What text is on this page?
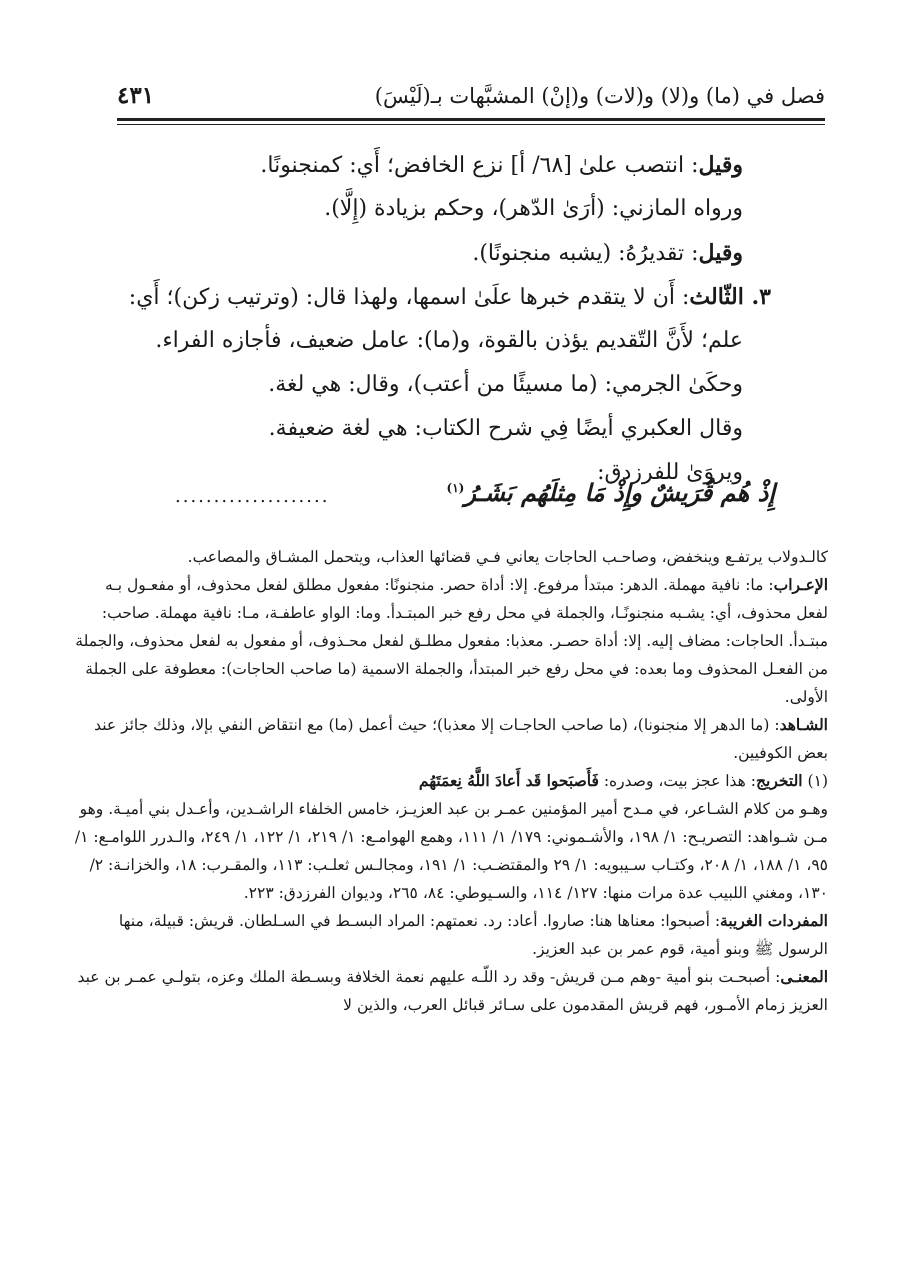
فصل في (ما) و(لا) و(لات) و(إنْ) المشبَّهات بـ(لَيْسَ)
٤٣١
وقيل: انتصب علىٰ [٦٨/ أ] نزع الخافض؛ أَي: كمنجنونًا.
ورواه المازني: (أرَىٰ الدّهر)، وحكم بزيادة (إِلَّا).
وقيل: تقديرُهُ: (يشبه منجنونًا).
٣. الثّالث: أَن لا يتقدم خبرها علَىٰ اسمها، ولهذا قال: (وترتيب زكن)؛ أَي:
علم؛ لأَنَّ التّقديم يؤذن بالقوة، و(ما): عامل ضعيف، فأجازه الفراء.
وحكَىٰ الجرمي: (ما مسيئًا من أعتب)، وقال: هي لغة.
وقال العكبري أيضًا فِي شرح الكتاب: هي لغة ضعيفة.
ويروَىٰ للفرزدق:
إِذْ هُم قُرَيشٌ وإِذْ مَا مِثلَهُم بَشَـرُ$^{(١)}$
....................

كالـدولاب يرتفـع وينخفض، وصاحـب الحاجات يعاني فـي قضائها العذاب، ويتحمل المشـاق والمصاعب.

الإعـراب: ما: نافية مهملة. الدهر: مبتدأ مرفوع. إلا: أداة حصر. منجنونًا: مفعول مطلق لفعل محذوف، أو مفعـول بـه لفعل محذوف، أي: يشـبه منجنونًـا، والجملة في محل رفع خبر المبتـدأ. وما: الواو عاطفـة، مـا: نافية مهملة. صاحب: مبتـدأ. الحاجات: مضاف إليه. إلا: أداة حصـر. معذبا: مفعول مطلـق لفعل محـذوف، أو مفعول به لفعل محذوف، والجملة من الفعـل المحذوف وما بعده: في محل رفع خبر المبتدأ، والجملة الاسمية (ما صاحب الحاجات): معطوفة على الجملة الأولى.

الشـاهد: (ما الدهر إلا منجنونا)، (ما صاحب الحاجـات إلا معذبا)؛ حيث أعمل (ما) مع انتقاض النفي بإلا، وذلك جائز عند بعض الكوفيين.

(١) التخريج: هذا عجز بيت، وصدره: فَأَصبَحوا قَد أَعادَ اللَّهُ نِعمَتَهُم

وهـو من كلام الشـاعر، في مـدح أمير المؤمنين عمـر بن عبد العزيـز، خامس الخلفاء الراشـدين، وأعـدل بني أميـة. وهو مـن شـواهد: التصريـح: ١/ ١٩٨، والأشـموني: ١٧٩/ ١/ ١١١، وهمع الهوامـع: ١/ ٢١٩، ١/ ١٢٢، ١/ ٢٤٩، والـدرر اللوامـع: ١/ ٩٥، ١/ ١٨٨، ١/ ٢٠٨، وكتـاب سـيبويه: ١/ ٢٩ والمقتضـب: ١/ ١٩١، ومجالـس ثعلـب: ١١٣، والمقـرب: ١٨، والخزانـة: ٢/ ١٣٠، ومغني اللبيب عدة مرات منها: ١٢٧/ ١١٤، والسـيوطي: ٨٤، ٢٦٥، وديوان الفرزدق: ٢٢٣.

المفردات الغريبة: أصبحوا: معناها هنا: صاروا. أعاد: رد. نعمتهم: المراد البسـط في السـلطان. قريش: قبيلة، منها الرسول ﷺ وبنو أمية، قوم عمر بن عبد العزيز.

المعنـى: أصبحـت بنو أمية -وهم مـن قريش- وقد رد اللّـه عليهم نعمة الخلافة وبسـطة الملك وعزه، بتولـي عمـر بن عبد العزيز زمام الأمـور، فهم قريش المقدمون على سـائر قبائل العرب، والذين لا
